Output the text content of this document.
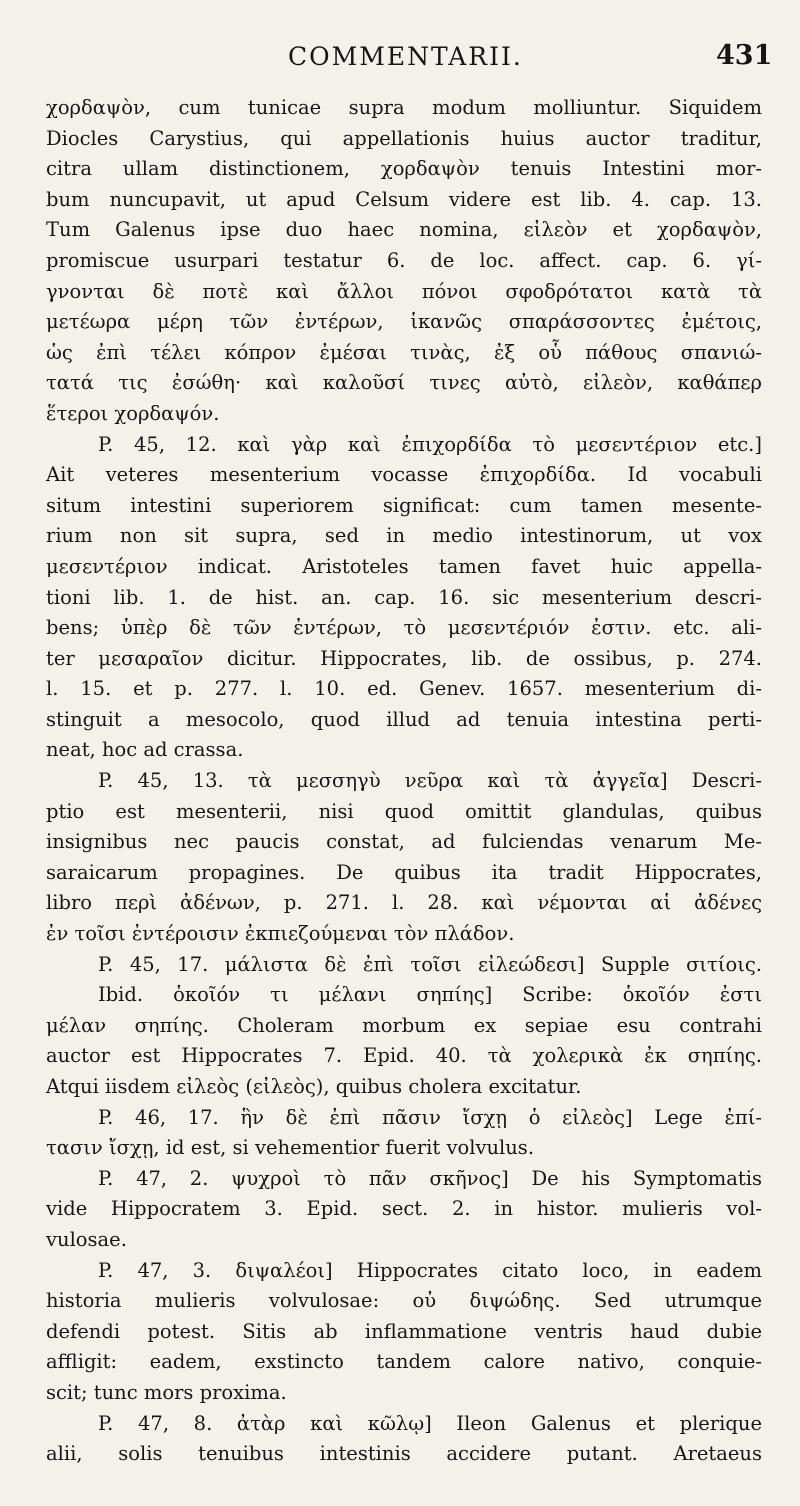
COMMENTARII.	431
χορδαψὸν, cum tunicae supra modum molliuntur. Siquidem
Diocles Carystius, qui appellationis huius auctor traditur,
citra ullam distinctionem, χορδαψὸν tenuis Intestini mor-
bum nuncupavit, ut apud Celsum videre est lib. 4. cap. 13.
Tum Galenus ipse duo haec nomina, εἰλεὸν et χορδαψὸν,
promiscue usurpari testatur 6. de loc. affect. cap. 6. γί-
γνονται δὲ ποτὲ καὶ ἄλλοι πόνοι σφοδρότατοι κατὰ τὰ
μετέωρα μέρη τῶν ἐντέρων, ἱκανῶς σπαράσσοντες ἐμέτοις,
ὡς ἐπὶ τέλει κόπρον ἐμέσαι τινὰς, ἐξ οὗ πάθους σπανιώ-
τατά τις ἐσώθη· καὶ καλοῦσί τινες αὐτὸ, εἰλεὸν, καθάπερ
ἕτεροι χορδαψόν.
P. 45, 12. καὶ γὰρ καὶ ἐπιχορδίδα τὸ μεσεντέριον etc.]
Ait veteres mesenterium vocasse ἐπιχορδίδα. Id vocabuli
situm intestini superiorem significat: cum tamen mesente-
rium non sit supra, sed in medio intestinorum, ut vox
μεσεντέριον indicat. Aristoteles tamen favet huic appella-
tioni lib. 1. de hist. an. cap. 16. sic mesenterium descri-
bens; ὑπὲρ δὲ τῶν ἐντέρων, τὸ μεσεντέριόν ἐστιν. etc. ali-
ter μεσαραῖον dicitur. Hippocrates, lib. de ossibus, p. 274.
l. 15. et p. 277. l. 10. ed. Genev. 1657. mesenterium di-
stinguit a mesocolo, quod illud ad tenuia intestina perti-
neat, hoc ad crassa.
P. 45, 13. τὰ μεσσηγὺ νεῦρα καὶ τὰ ἀγγεῖα] Descri-
ptio est mesenterii, nisi quod omittit glandulas, quibus
insignibus nec paucis constat, ad fulciendas venarum Me-
saraicarum propagines. De quibus ita tradit Hippocrates,
libro περὶ ἀδένων, p. 271. l. 28. καὶ νέμονται αἱ ἀδένες
ἐν τοῖσι ἐντέροισιν ἐκπιεζούμεναι τὸν πλάδον.
P. 45, 17. μάλιστα δὲ ἐπὶ τοῖσι εἰλεώδεσι] Supple σιτίοις.
Ibid. ὁκοῖόν τι μέλανι σηπίης] Scribe: ὁκοῖόν ἐστι
μέλαν σηπίης. Choleram morbum ex sepiae esu contrahi
auctor est Hippocrates 7. Epid. 40. τὰ χολερικὰ ἐκ σηπίης.
Atqui iisdem εἰλεὸς (εἰλεὸς), quibus cholera excitatur.
P. 46, 17. ἣν δὲ ἐπὶ πᾶσιν ἴσχῃ ὁ εἰλεὸς] Lege ἐπί-
τασιν ἴσχῃ, id est, si vehementior fuerit volvulus.
P. 47, 2. ψυχροὶ τὸ πᾶν σκῆνος] De his Symptomatis
vide Hippocratem 3. Epid. sect. 2. in histor. mulieris vol-
vulosae.
P. 47, 3. διψαλέοι] Hippocrates citato loco, in eadem
historia mulieris volvulosae: οὐ διψώδης. Sed utrumque
defendi potest. Sitis ab inflammatione ventris haud dubie
affligit: eadem, exstincto tandem calore nativo, conquie-
scit; tunc mors proxima.
P. 47, 8. ἀτὰρ καὶ κῶλῳ] Ileon Galenus et plerique
alii, solis tenuibus intestinis accidere putant. Aretaeus
